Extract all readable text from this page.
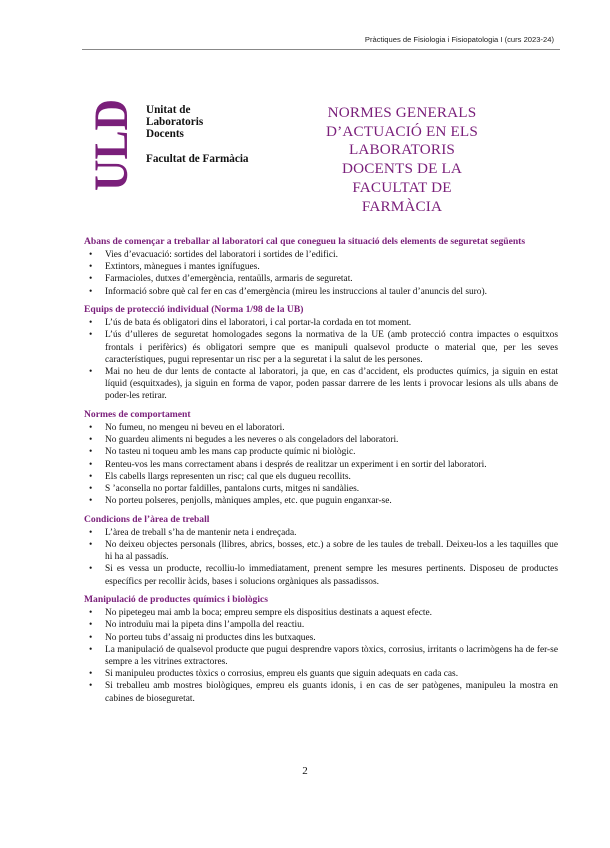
Pràctiques de Fisiologia i Fisiopatologia I (curs 2023-24)
ULD Unitat de
Laboratoris
Docents
Facultat de Farmàcia
NORMES GENERALS
D’ACTUACIÓ EN ELS
LABORATORIS
DOCENTS DE LA
FACULTAT DE
FARMÀCIA

Abans de començar a treballar al laboratori cal que conegueu la situació dels elements de seguretat següents

• Vies d’evacuació: sortides del laboratori i sortides de l’edifici.
• Extintors, mànegues i mantes ignífugues.
• Farmacioles, dutxes d’emergència, rentaülls, armaris de seguretat.
• Informació sobre què cal fer en cas d’emergència (mireu les instruccions al tauler d’anuncis del suro).

Equips de protecció individual (Norma 1/98 de la UB)

• L’ús de bata és obligatori dins el laboratori, i cal portar-la cordada en tot moment.
• L’ús d’ulleres de seguretat homologades segons la normativa de la UE (amb protecció contra impactes o esquitxos frontals i perifèrics) és obligatori sempre que es manipuli qualsevol producte o material que, per les seves característiques, pugui representar un risc per a la seguretat i la salut de les persones.
• Mai no heu de dur lents de contacte al laboratori, ja que, en cas d’accident, els productes químics, ja siguin en estat líquid (esquitxades), ja siguin en forma de vapor, poden passar darrere de les lents i provocar lesions als ulls abans de poder-les retirar.

Normes de comportament

• No fumeu, no mengeu ni beveu en el laboratori.
• No guardeu aliments ni begudes a les neveres o als congeladors del laboratori.
• No tasteu ni toqueu amb les mans cap producte químic ni biològic.
• Renteu-vos les mans correctament abans i després de realitzar un experiment i en sortir del laboratori.
• Els cabells llargs representen un risc; cal que els dugueu recollits.
• S ’aconsella no portar faldilles, pantalons curts, mitges ni sandàlies.
• No porteu polseres, penjolls, màniques amples, etc. que puguin enganxar-se.

Condicions de l’àrea de treball

• L’àrea de treball s’ha de mantenir neta i endreçada.
• No deixeu objectes personals (llibres, abrics, bosses, etc.) a sobre de les taules de treball. Deixeu-los a les taquilles que hi ha al passadís.
• Si es vessa un producte, recolliu-lo immediatament, prenent sempre les mesures pertinents. Disposeu de productes específics per recollir àcids, bases i solucions orgàniques als passadissos.

Manipulació de productes químics i biològics

• No pipetegeu mai amb la boca; empreu sempre els dispositius destinats a aquest efecte.
• No introduïu mai la pipeta dins l’ampolla del reactiu.
• No porteu tubs d’assaig ni productes dins les butxaques.
• La manipulació de qualsevol producte que pugui desprendre vapors tòxics, corrosius, irritants o lacrimògens ha de fer-se sempre a les vitrines extractores.
• Si manipuleu productes tòxics o corrosius, empreu els guants que siguin adequats en cada cas.
• Si treballeu amb mostres biològiques, empreu els guants idonis, i en cas de ser patògenes, manipuleu la mostra en cabines de bioseguretat.
2
